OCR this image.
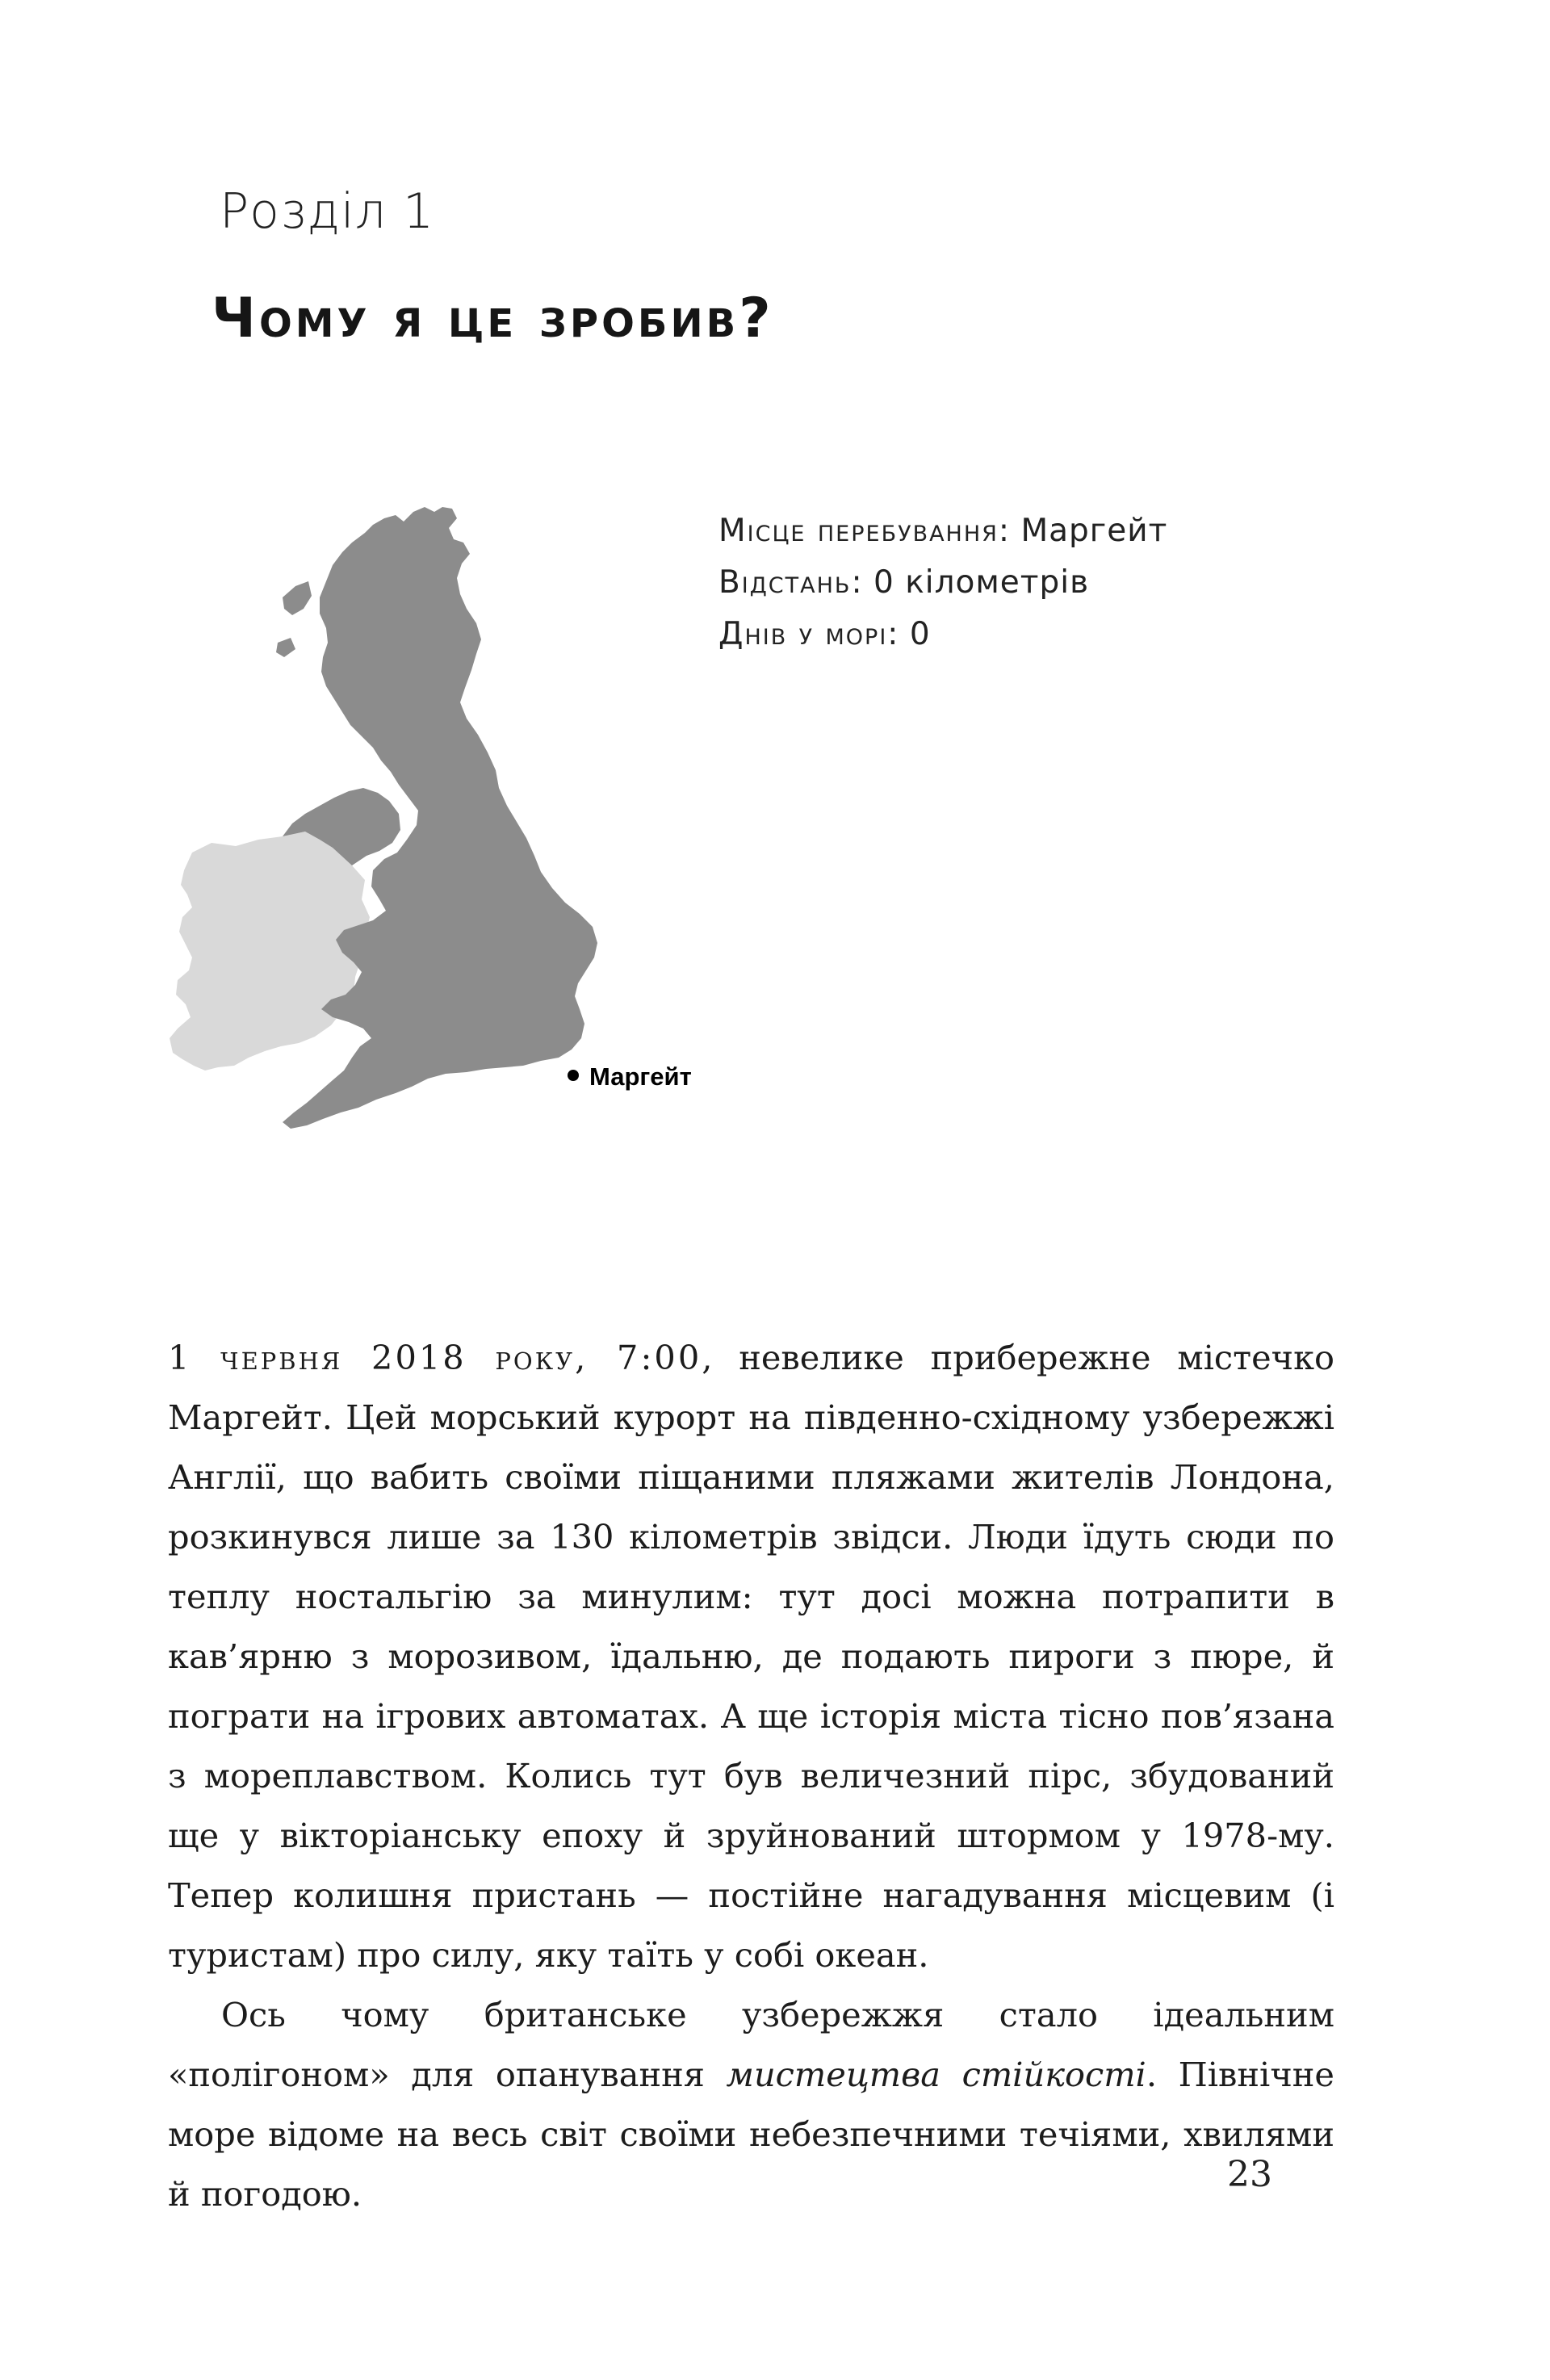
Розділ 1
Чому я це зробив?
Місце перебування: Маргейт
Відстань: 0 кілометрів
Днів у морі: 0
Маргейт

1 червня 2018 року, 7:00, невелике прибережне містечко Маргейт. Цей морський курорт на південно-східному узбережжі Англії, що вабить своїми піщаними пляжами жителів Лондона, розкинувся лише за 130 кілометрів звідси. Люди їдуть сюди по теплу ностальгію за минулим: тут досі можна потрапити в кав’ярню з морозивом, їдальню, де подають пироги з пюре, й пограти на ігрових автоматах. А ще історія міста тісно пов’язана з мореплавством. Колись тут був величезний пірс, збудований ще у вікторіанську епоху й зруйнований штормом у 1978-му. Тепер колишня пристань — постійне нагадування місцевим (і туристам) про силу, яку таїть у собі океан.

Ось чому британське узбережжя стало ідеальним «полігоном» для опанування мистецтва стійкості. Північне море відоме на весь світ своїми небезпечними течіями, хвилями й погодою.	23
